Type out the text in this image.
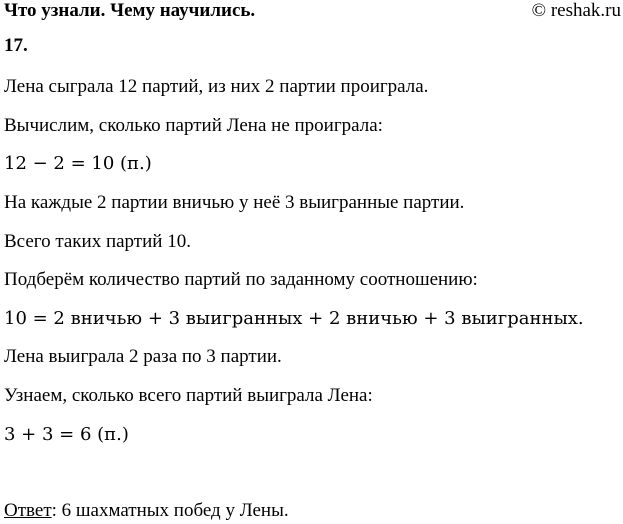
Что узнали. Чему научились.	© reshak.ru
17.
Лена сыграла 12 партий, из них 2 партии проиграла.
Вычислим, сколько партий Лена не проиграла:
12 − 2 = 10 (п.)
На каждые 2 партии вничью у неё 3 выигранные партии.
Всего таких партий 10.
Подберём количество партий по заданному соотношению:
10 = 2 вничью + 3 выигранных + 2 вничью + 3 выигранных.
Лена выиграла 2 раза по 3 партии.
Узнаем, сколько всего партий выиграла Лена:
3 + 3 = 6 (п.)
Ответ: 6 шахматных побед у Лены.
